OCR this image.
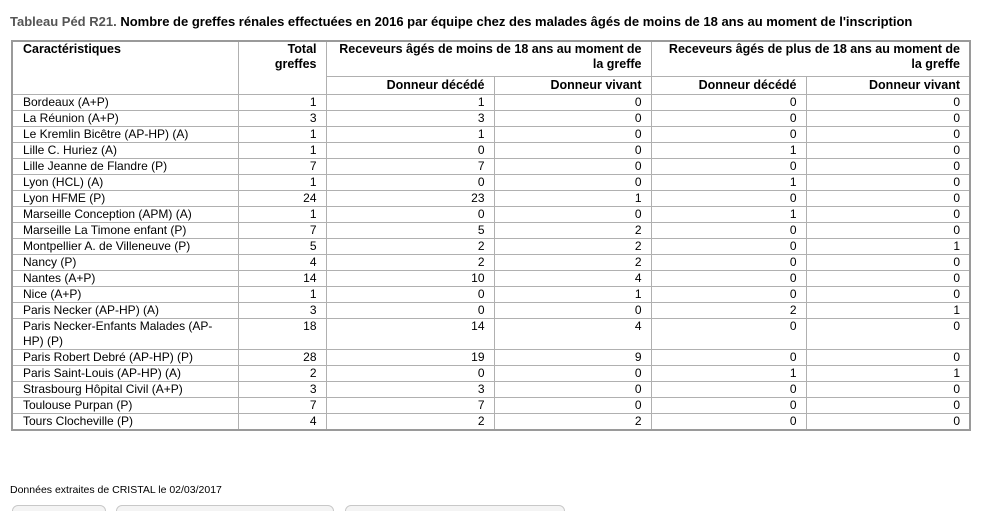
Tableau Péd R21. Nombre de greffes rénales effectuées en 2016 par équipe chez des malades âgés de moins de 18 ans au moment de l'inscription
Caractéristiques	Total greffes	Receveurs âgés de moins de 18 ans au moment de la greffe		Receveurs âgés de plus de 18 ans au moment de la greffe	
		Donneur décédé	Donneur vivant	Donneur décédé	Donneur vivant
Bordeaux (A+P)	1	1	0	0	0
La Réunion (A+P)	3	3	0	0	0
Le Kremlin Bicêtre (AP-HP) (A)	1	1	0	0	0
Lille C. Huriez (A)	1	0	0	1	0
Lille Jeanne de Flandre (P)	7	7	0	0	0
Lyon (HCL) (A)	1	0	0	1	0
Lyon HFME (P)	24	23	1	0	0
Marseille Conception (APM) (A)	1	0	0	1	0
Marseille La Timone enfant (P)	7	5	2	0	0
Montpellier A. de Villeneuve (P)	5	2	2	0	1
Nancy (P)	4	2	2	0	0
Nantes (A+P)	14	10	4	0	0
Nice (A+P)	1	0	1	0	0
Paris Necker (AP-HP) (A)	3	0	0	2	1
Paris Necker-Enfants Malades (AP-HP) (P)	18	14	4	0	0
Paris Robert Debré (AP-HP) (P)	28	19	9	0	0
Paris Saint-Louis (AP-HP) (A)	2	0	0	1	1
Strasbourg Hôpital Civil (A+P)	3	3	0	0	0
Toulouse Purpan (P)	7	7	0	0	0
Tours Clocheville (P)	4	2	2	0	0
Données extraites de CRISTAL le 02/03/2017
